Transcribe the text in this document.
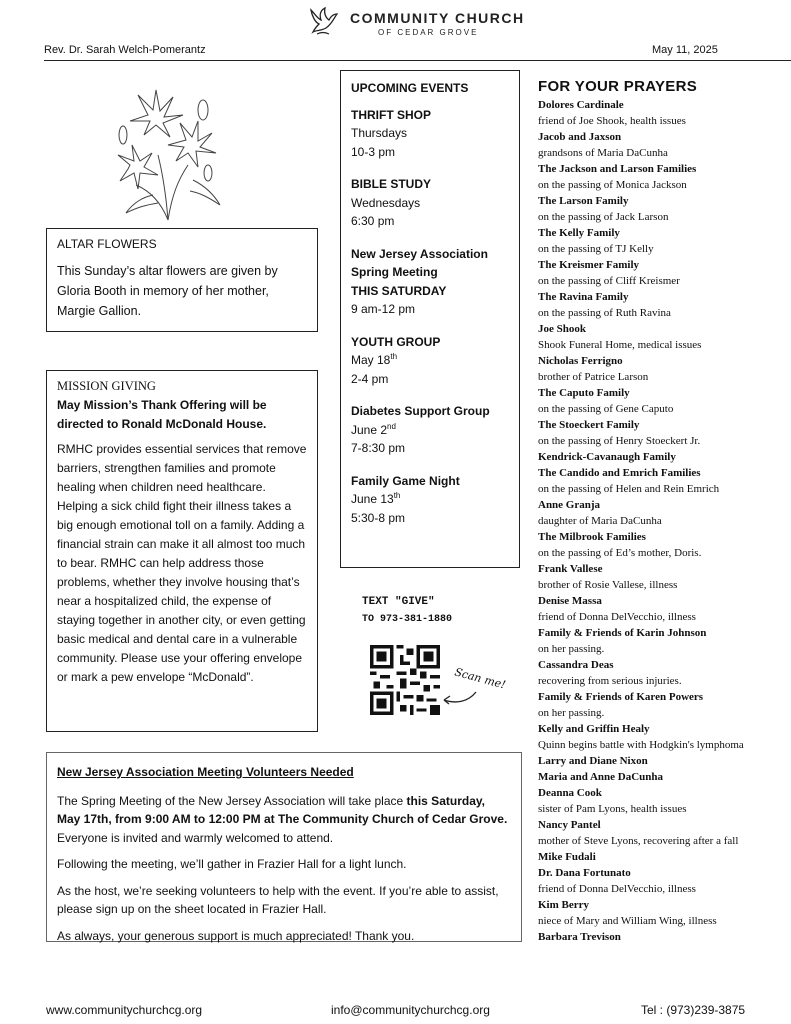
COMMUNITY CHURCH
OF CEDAR GROVE
Rev. Dr. Sarah Welch-Pomerantz	May 11, 2025
ALTAR FLOWERS

This Sunday’s altar flowers are given by Gloria Booth in memory of her mother, Margie Gallion.

MISSION GIVING
May Mission’s Thank Offering will be directed to Ronald McDonald House.

RMHC provides essential services that remove barriers, strengthen families and promote healing when children need healthcare.

Helping a sick child fight their illness takes a big enough emotional toll on a family. Adding a financial strain can make it all almost too much to bear. RMHC can help address those problems, whether they involve housing that’s near a hospitalized child, the expense of staying together in another city, or even getting basic medical and dental care in a vulnerable community. Please use your offering envelope or mark a pew envelope “McDonald”.

UPCOMING EVENTS
THRIFT SHOP
Thursdays
10-3 pm
BIBLE STUDY
Wednesdays
6:30 pm
New Jersey Association
Spring Meeting
THIS SATURDAY
9 am-12 pm
YOUTH GROUP
May 18th
2-4 pm
Diabetes Support Group
June 2nd
7-8:30 pm
Family Game Night
June 13th
5:30-8 pm
TEXT "GIVE"
TO 973-381-1880
Scan me!
New Jersey Association Meeting Volunteers Needed

The Spring Meeting of the New Jersey Association will take place this Saturday, May 17th, from 9:00 AM to 12:00 PM at The Community Church of Cedar Grove. Everyone is invited and warmly welcomed to attend.

Following the meeting, we’ll gather in Frazier Hall for a light lunch.

As the host, we’re seeking volunteers to help with the event. If you’re able to assist, please sign up on the sheet located in Frazier Hall.

As always, your generous support is much appreciated! Thank you.

FOR YOUR PRAYERS
Dolores Cardinale
friend of Joe Shook, health issues
Jacob and Jaxson
grandsons of Maria DaCunha
The Jackson and Larson Families
on the passing of Monica Jackson
The Larson Family
on the passing of Jack Larson
The Kelly Family
on the passing of TJ Kelly
The Kreismer Family
on the passing of Cliff Kreismer
The Ravina Family
on the passing of Ruth Ravina
Joe Shook
Shook Funeral Home, medical issues
Nicholas Ferrigno
brother of Patrice Larson
The Caputo Family
on the passing of Gene Caputo
The Stoeckert Family
on the passing of Henry Stoeckert Jr.
Kendrick-Cavanaugh Family
The Candido and Emrich Families
on the passing of Helen and Rein Emrich
Anne Granja
daughter of Maria DaCunha
The Milbrook Families
on the passing of Ed’s mother, Doris.
Frank Vallese
brother of Rosie Vallese, illness
Denise Massa
friend of Donna DelVecchio, illness
Family & Friends of Karin Johnson
on her passing.
Cassandra Deas
recovering from serious injuries.
Family & Friends of Karen Powers
on her passing.
Kelly and Griffin Healy
Quinn begins battle with Hodgkin's lymphoma
Larry and Diane Nixon
Maria and Anne DaCunha
Deanna Cook
sister of Pam Lyons, health issues
Nancy Pantel
mother of Steve Lyons, recovering after a fall
Mike Fudali
Dr. Dana Fortunato
friend of Donna DelVecchio, illness
Kim Berry
niece of Mary and William Wing, illness
Barbara Trevison
www.communitychurchcg.org	info@communitychurchcg.org	Tel : (973)239-3875
